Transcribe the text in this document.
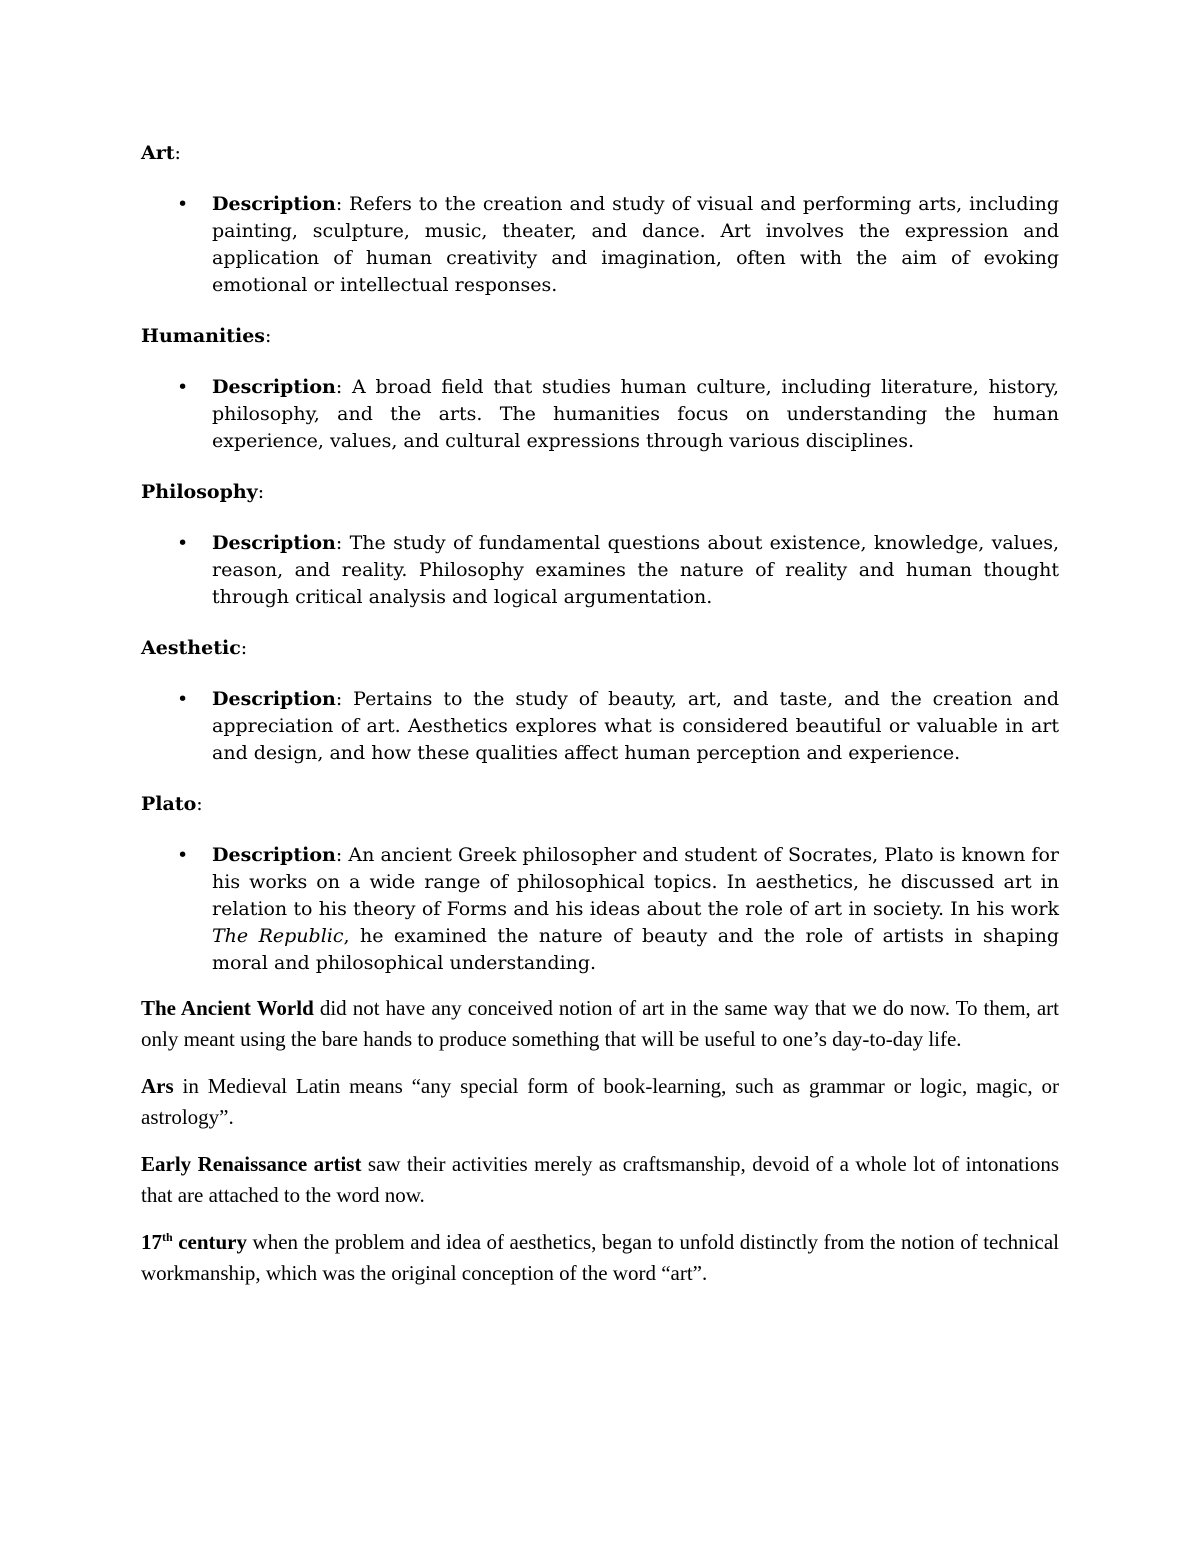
Art:

• Description: Refers to the creation and study of visual and performing arts, including painting, sculpture, music, theater, and dance. Art involves the expression and application of human creativity and imagination, often with the aim of evoking emotional or intellectual responses.

Humanities:

• Description: A broad field that studies human culture, including literature, history, philosophy, and the arts. The humanities focus on understanding the human experience, values, and cultural expressions through various disciplines.

Philosophy:

• Description: The study of fundamental questions about existence, knowledge, values, reason, and reality. Philosophy examines the nature of reality and human thought through critical analysis and logical argumentation.

Aesthetic:

• Description: Pertains to the study of beauty, art, and taste, and the creation and appreciation of art. Aesthetics explores what is considered beautiful or valuable in art and design, and how these qualities affect human perception and experience.

Plato:

• Description: An ancient Greek philosopher and student of Socrates, Plato is known for his works on a wide range of philosophical topics. In aesthetics, he discussed art in relation to his theory of Forms and his ideas about the role of art in society. In his work The Republic, he examined the nature of beauty and the role of artists in shaping moral and philosophical understanding.

The Ancient World did not have any conceived notion of art in the same way that we do now. To them, art only meant using the bare hands to produce something that will be useful to one’s day-to-day life.

Ars in Medieval Latin means “any special form of book-learning, such as grammar or logic, magic, or astrology”.

Early Renaissance artist saw their activities merely as craftsmanship, devoid of a whole lot of intonations that are attached to the word now.

17th century when the problem and idea of aesthetics, began to unfold distinctly from the notion of technical workmanship, which was the original conception of the word “art”.
